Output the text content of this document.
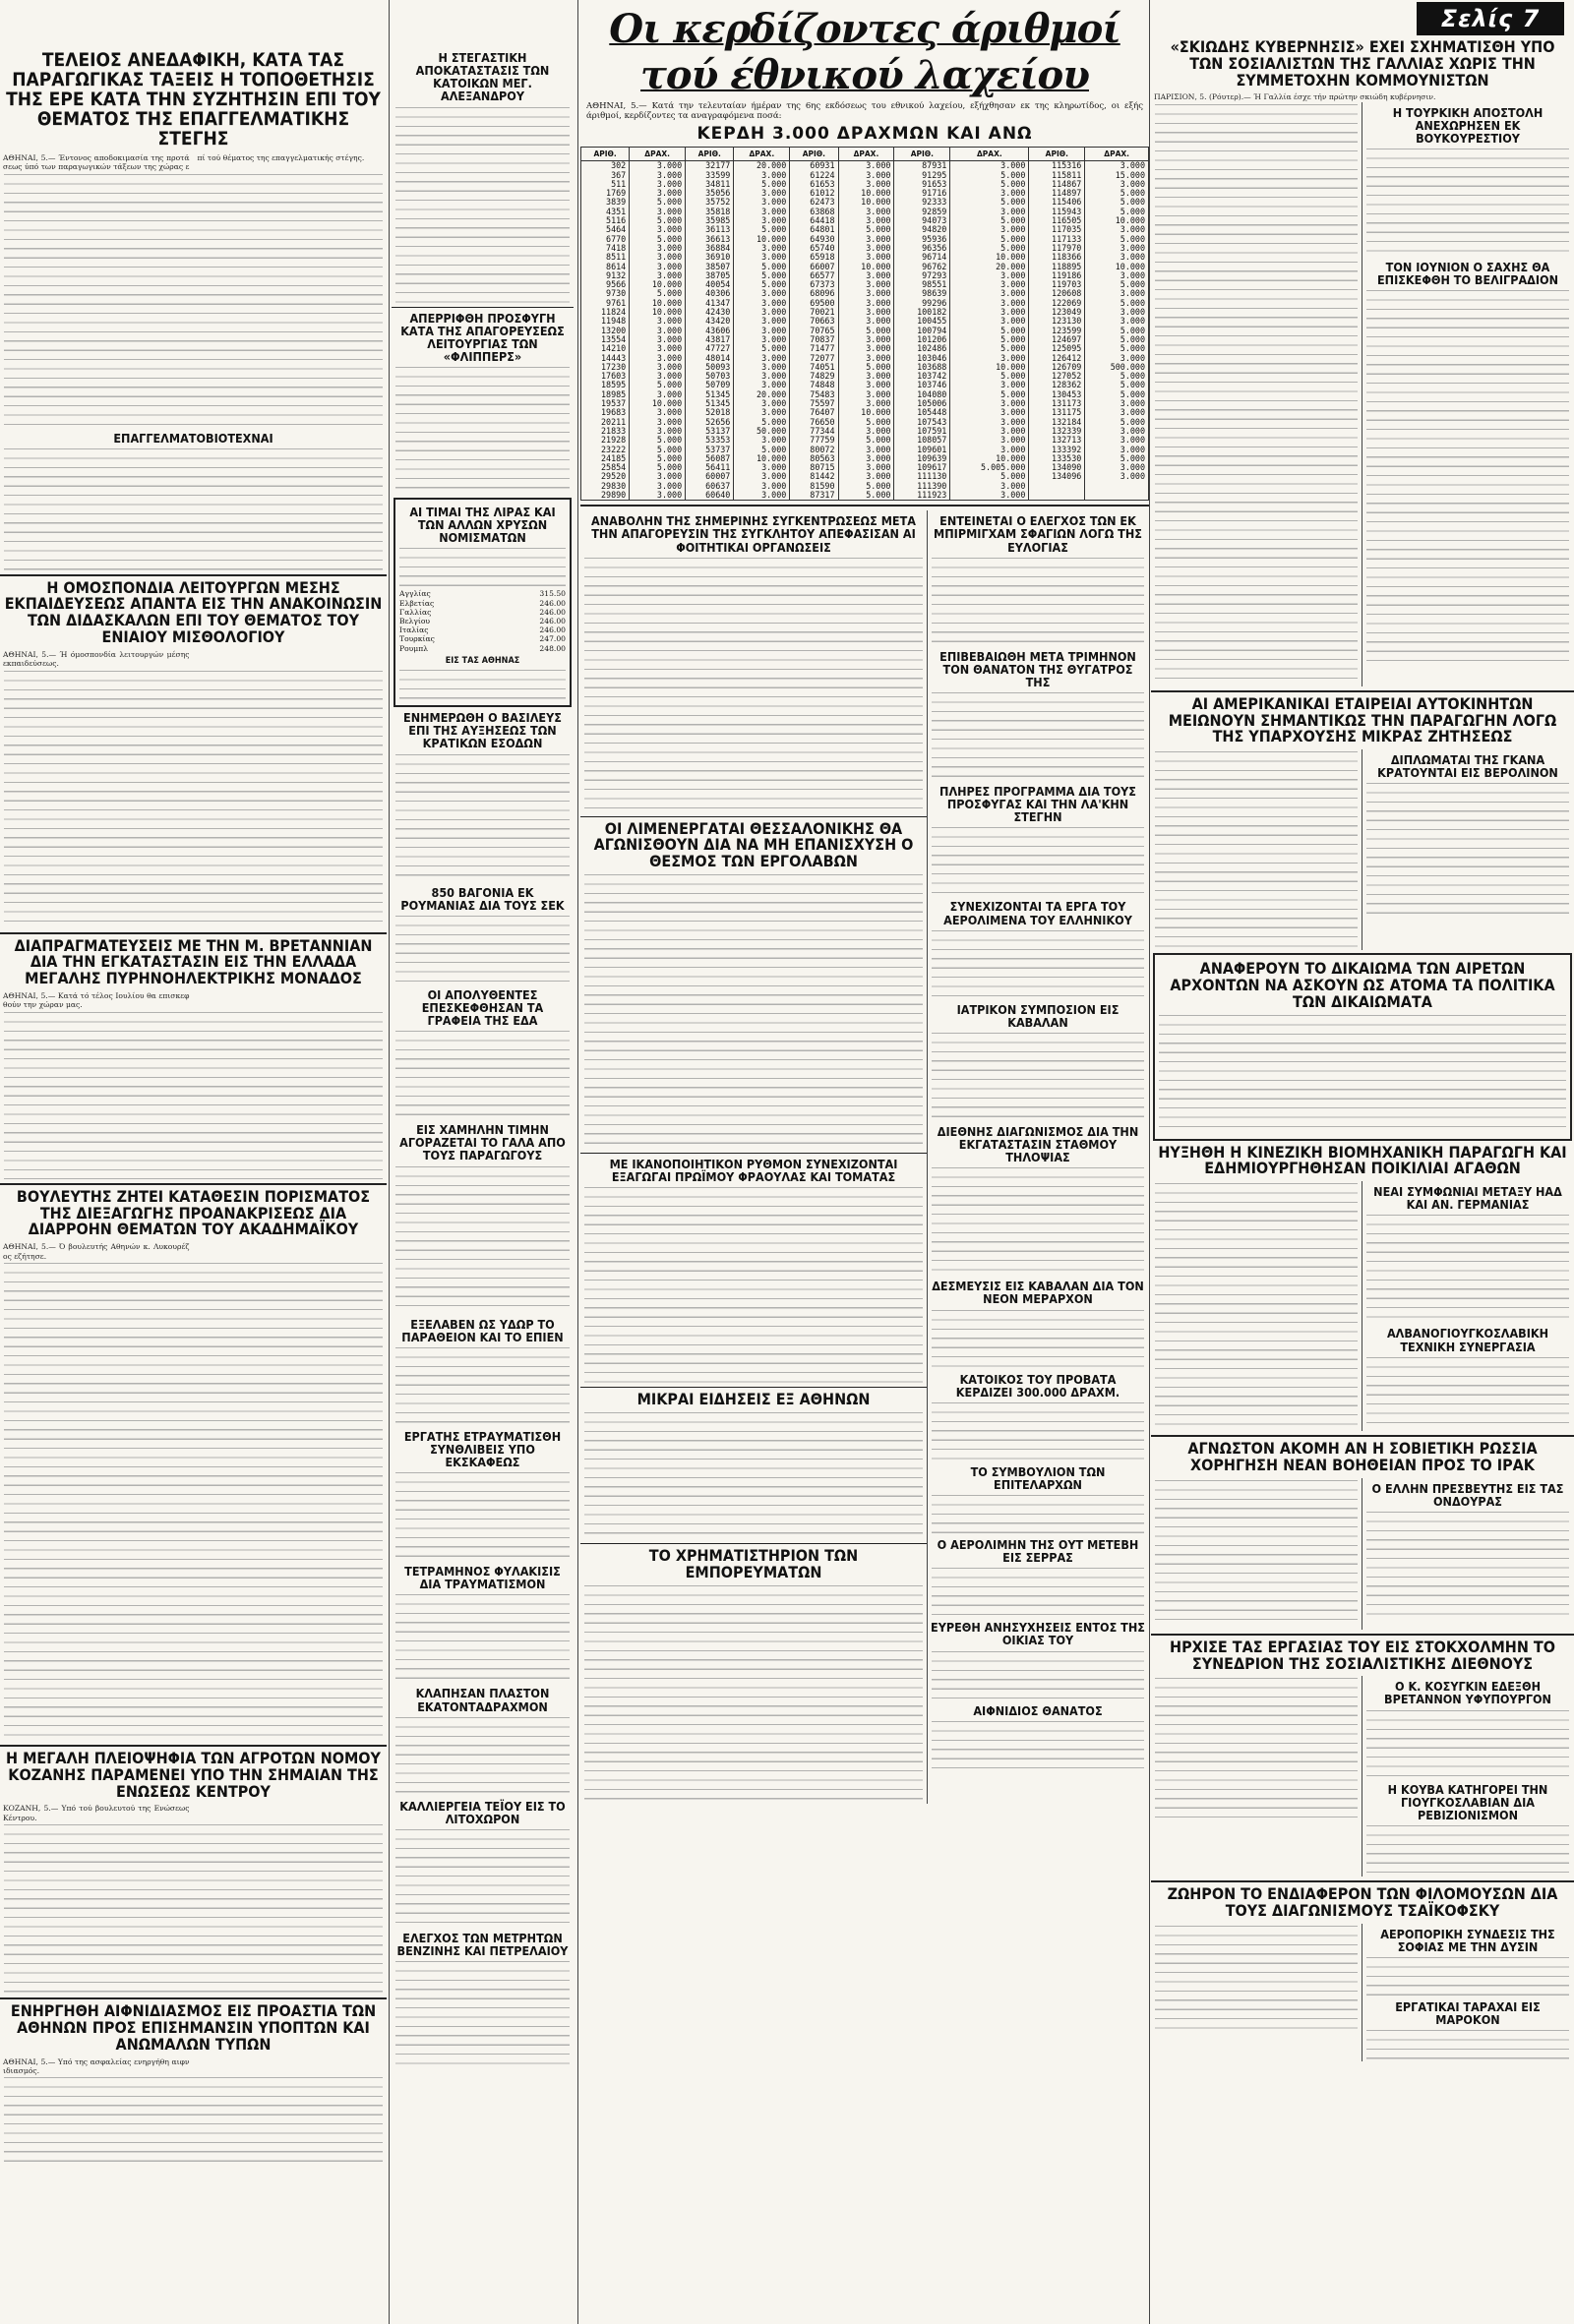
ΤΕΛΕΙΟΣ ΑΝΕΔΑΦΙΚΗ, ΚΑΤΑ ΤΑΣ ΠΑΡΑΓΩΓΙΚΑΣ ΤΑΞΕΙΣ Η ΤΟΠΟΘΕΤΗΣΙΣ ΤΗΣ ΕΡΕ ΚΑΤΑ ΤΗΝ ΣΥΖΗΤΗΣΙΝ ΕΠΙ ΤΟΥ ΘΕΜΑΤΟΣ ΤΗΣ ΕΠΑΓΓΕΛΜΑΤΙΚΗΣ ΣΤΕΓΗΣ
ΑΘΗΝΑΙ, 5.— Έντονος αποδοκιμασία της προτάσεως ύπό των παραγωγικών τάξεων της χώρας επί τού θέματος της επαγγελματικής στέγης.
ΕΠΑΓΓΕΛΜΑΤΟΒΙΟΤΕΧΝΑΙ
Η ΟΜΟΣΠΟΝΔΙΑ ΛΕΙΤΟΥΡΓΩΝ ΜΕΣΗΣ ΕΚΠΑΙΔΕΥΣΕΩΣ ΑΠΑΝΤΑ ΕΙΣ ΤΗΝ ΑΝΑΚΟΙΝΩΣΙΝ ΤΩΝ ΔΙΔΑΣΚΑΛΩΝ ΕΠΙ ΤΟΥ ΘΕΜΑΤΟΣ ΤΟΥ ΕΝΙΑΙΟΥ ΜΙΣΘΟΛΟΓΙΟΥ
ΑΘΗΝΑΙ, 5.— Ή όμοσπονδία λειτουργών μέσης εκπαιδεύσεως.
ΔΙΑΠΡΑΓΜΑΤΕΥΣΕΙΣ ΜΕ ΤΗΝ Μ. ΒΡΕΤΑΝΝΙΑΝ ΔΙΑ ΤΗΝ ΕΓΚΑΤΑΣΤΑΣΙΝ ΕΙΣ ΤΗΝ ΕΛΛΑΔΑ ΜΕΓΑΛΗΣ ΠΥΡΗΝΟΗΛΕΚΤΡΙΚΗΣ ΜΟΝΑΔΟΣ
ΑΘΗΝΑΙ, 5.— Κατά τό τέλος Ιουλίου θα επισκεφθούν την χώραν μας.
ΒΟΥΛΕΥΤΗΣ ΖΗΤΕΙ ΚΑΤΑΘΕΣΙΝ ΠΟΡΙΣΜΑΤΟΣ ΤΗΣ ΔΙΕΞΑΓΩΓΗΣ ΠΡΟΑΝΑΚΡΙΣΕΩΣ ΔΙΑ ΔΙΑΡΡΟΗΝ ΘΕΜΑΤΩΝ ΤΟΥ ΑΚΑΔΗΜΑΪΚΟΥ
ΑΘΗΝΑΙ, 5.— Ό βουλευτής Αθηνών κ. Λυκουρέζος εζήτησε.
Η ΜΕΓΑΛΗ ΠΛΕΙΟΨΗΦΙΑ ΤΩΝ ΑΓΡΟΤΩΝ ΝΟΜΟΥ ΚΟΖΑΝΗΣ ΠΑΡΑΜΕΝΕΙ ΥΠΟ ΤΗΝ ΣΗΜΑΙΑΝ ΤΗΣ ΕΝΩΣΕΩΣ ΚΕΝΤΡΟΥ
ΚΟΖΑΝΗ, 5.— Υπό τού βουλευτού της Ενώσεως Κέντρου.
ΕΝΗΡΓΗΘΗ ΑΙΦΝΙΔΙΑΣΜΟΣ ΕΙΣ ΠΡΟΑΣΤΙΑ ΤΩΝ ΑΘΗΝΩΝ ΠΡΟΣ ΕΠΙΣΗΜΑΝΣΙΝ ΥΠΟΠΤΩΝ ΚΑΙ ΑΝΩΜΑΛΩΝ ΤΥΠΩΝ
ΑΘΗΝΑΙ, 5.— Υπό της ασφαλείας ενηργήθη αιφνιδιασμός.
Η ΣΤΕΓΑΣΤΙΚΗ ΑΠΟΚΑΤΑΣΤΑΣΙΣ ΤΩΝ ΚΑΤΟΙΚΩΝ ΜΕΓ. ΑΛΕΞΑΝΔΡΟΥ
ΑΠΕΡΡΙΦΘΗ ΠΡΟΣΦΥΓΗ ΚΑΤΑ ΤΗΣ ΑΠΑΓΟΡΕΥΣΕΩΣ ΛΕΙΤΟΥΡΓΙΑΣ ΤΩΝ «ΦΛΙΠΠΕΡΣ»
ΑΙ ΤΙΜΑΙ ΤΗΣ ΛΙΡΑΣ ΚΑΙ ΤΩΝ ΑΛΛΩΝ ΧΡΥΣΩΝ ΝΟΜΙΣΜΑΤΩΝ
Αγγλίας	315.50
Ελβετίας	246.00
Γαλλίας	246.00
Βελγίου	246.00
Ιταλίας	246.00
Τουρκίας	247.00
Ρουμπλ	248.00
ΕΙΣ ΤΑΣ ΑΘΗΝΑΣ
ΕΝΗΜΕΡΩΘΗ Ο ΒΑΣΙΛΕΥΣ ΕΠΙ ΤΗΣ ΑΥΞΗΣΕΩΣ ΤΩΝ ΚΡΑΤΙΚΩΝ ΕΣΟΔΩΝ
850 ΒΑΓΟΝΙΑ ΕΚ ΡΟΥΜΑΝΙΑΣ ΔΙΑ ΤΟΥΣ ΣΕΚ
ΟΙ ΑΠΟΛΥΘΕΝΤΕΣ ΕΠΕΣΚΕΦΘΗΣΑΝ ΤΑ ΓΡΑΦΕΙΑ ΤΗΣ ΕΔΑ
ΕΙΣ ΧΑΜΗΛΗΝ ΤΙΜΗΝ ΑΓΟΡΑΖΕΤΑΙ ΤΟ ΓΑΛΑ ΑΠΟ ΤΟΥΣ ΠΑΡΑΓΩΓΟΥΣ
ΕΞΕΛΑΒΕΝ ΩΣ ΥΔΩΡ ΤΟ ΠΑΡΑΘΕΙΟΝ ΚΑΙ ΤΟ ΕΠΙΕΝ
ΕΡΓΑΤΗΣ ΕΤΡΑΥΜΑΤΙΣΘΗ ΣΥΝΘΛΙΒΕΙΣ ΥΠΟ ΕΚΣΚΑΦΕΩΣ
ΤΕΤΡΑΜΗΝΟΣ ΦΥΛΑΚΙΣΙΣ ΔΙΑ ΤΡΑΥΜΑΤΙΣΜΟΝ
ΚΛΑΠΗΣΑΝ ΠΛΑΣΤΟΝ ΕΚΑΤΟΝΤΑΔΡΑΧΜΟΝ
ΚΑΛΛΙΕΡΓΕΙΑ ΤΕΪΟΥ ΕΙΣ ΤΟ ΛΙΤΟΧΩΡΟΝ
ΕΛΕΓΧΟΣ ΤΩΝ ΜΕΤΡΗΤΩΝ ΒΕΝΖΙΝΗΣ ΚΑΙ ΠΕΤΡΕΛΑΙΟΥ
Οι κερδίζοντες άριθμοί τού έθνικού λαχείου
ΑΘΗΝΑΙ, 5.— Κατά την τελευταίαν ήμέραν της 6ης εκδόσεως του εθνικού λαχείου, εξήχθησαν εκ της κληρωτίδος, οι εξής άριθμοί, κερδίζοντες τα αναγραφόμενα ποσά:
ΚΕΡΔΗ 3.000 ΔΡΑΧΜΩΝ ΚΑΙ ΑΝΩ
ΑΡΙΘ.	ΔΡΑΧ.	ΑΡΙΘ.	ΔΡΑΧ.	ΑΡΙΘ.	ΔΡΑΧ.	ΑΡΙΘ.	ΔΡΑΧ.	ΑΡΙΘ.	ΔΡΑΧ.
302	3.000	32177	20.000	60931	3.000	87931	3.000	115316	3.000
367	3.000	33599	3.000	61224	3.000	91295	5.000	115811	15.000
511	3.000	34811	5.000	61653	3.000	91653	5.000	114867	3.000
1769	3.000	35056	3.000	61012	10.000	91716	3.000	114897	5.000
3839	5.000	35752	3.000	62473	10.000	92333	5.000	115406	5.000
4351	3.000	35818	3.000	63868	3.000	92859	3.000	115943	5.000
5116	5.000	35985	3.000	64418	3.000	94073	5.000	116505	10.000
5464	3.000	36113	5.000	64801	5.000	94820	3.000	117035	3.000
6770	5.000	36613	10.000	64930	3.000	95936	5.000	117133	5.000
7418	3.000	36884	3.000	65740	3.000	96356	5.000	117970	3.000
8511	3.000	36910	3.000	65918	3.000	96714	10.000	118366	3.000
8614	3.000	38507	5.000	66007	10.000	96762	20.000	118895	10.000
9132	3.000	38705	5.000	66577	3.000	97293	3.000	119186	3.000
9566	10.000	40054	5.000	67373	3.000	98551	3.000	119703	5.000
9730	5.000	40306	3.000	68096	3.000	98639	3.000	120608	3.000
9761	10.000	41347	3.000	69500	3.000	99296	3.000	122069	5.000
11824	10.000	42430	3.000	70021	3.000	100182	3.000	123049	3.000
11948	3.000	43420	3.000	70663	3.000	100455	3.000	123130	3.000
13200	3.000	43606	3.000	70765	5.000	100794	5.000	123599	5.000
13554	3.000	43817	3.000	70837	3.000	101206	5.000	124697	5.000
14210	3.000	47727	5.000	71477	3.000	102486	5.000	125095	5.000
14443	3.000	48014	3.000	72077	3.000	103046	3.000	126412	3.000
17230	3.000	50093	3.000	74051	5.000	103688	10.000	126709	500.000
17603	3.000	50703	3.000	74829	3.000	103742	5.000	127052	5.000
18595	5.000	50709	3.000	74848	3.000	103746	3.000	128362	5.000
18985	3.000	51345	20.000	75483	3.000	104080	5.000	130453	5.000
19537	10.000	51345	3.000	75597	3.000	105006	3.000	131173	3.000
19683	3.000	52018	3.000	76407	10.000	105448	3.000	131175	3.000
20211	3.000	52656	5.000	76650	5.000	107543	3.000	132184	5.000
21833	3.000	53137	50.000	77344	3.000	107591	3.000	132339	3.000
21928	5.000	53353	3.000	77759	5.000	108057	3.000	132713	3.000
23222	5.000	53737	5.000	80072	3.000	109601	3.000	133392	3.000
24185	5.000	56087	10.000	80563	3.000	109639	10.000	133530	5.000
25854	5.000	56411	3.000	80715	3.000	109617	5.005.000	134090	3.000
29520	3.000	60007	3.000	81442	3.000	111130	5.000	134096	3.000
29830	3.000	60637	3.000	81590	5.000	111390	3.000		
29890	3.000	60640	3.000	87317	5.000	111923	3.000		
ΑΝΑΒΟΛΗΝ ΤΗΣ ΣΗΜΕΡΙΝΗΣ ΣΥΓΚΕΝΤΡΩΣΕΩΣ ΜΕΤΑ ΤΗΝ ΑΠΑΓΟΡΕΥΣΙΝ ΤΗΣ ΣΥΓΚΛΗΤΟΥ ΑΠΕΦΑΣΙΣΑΝ ΑΙ ΦΟΙΤΗΤΙΚΑΙ ΟΡΓΑΝΩΣΕΙΣ
ΟΙ ΛΙΜΕΝΕΡΓΑΤΑΙ ΘΕΣΣΑΛΟΝΙΚΗΣ ΘΑ ΑΓΩΝΙΣΘΟΥΝ ΔΙΑ ΝΑ ΜΗ ΕΠΑΝΙΣΧΥΣΗ Ο ΘΕΣΜΟΣ ΤΩΝ ΕΡΓΟΛΑΒΩΝ
ΜΕ ΙΚΑΝΟΠΟΙΗΤΙΚΟΝ ΡΥΘΜΟΝ ΣΥΝΕΧΙΖΟΝΤΑΙ ΕΞΑΓΩΓΑΙ ΠΡΩΪΜΟΥ ΦΡΑΟΥΛΑΣ ΚΑΙ ΤΟΜΑΤΑΣ
ΜΙΚΡΑΙ ΕΙΔΗΣΕΙΣ ΕΞ ΑΘΗΝΩΝ
ΤΟ ΧΡΗΜΑΤΙΣΤΗΡΙΟΝ ΤΩΝ ΕΜΠΟΡΕΥΜΑΤΩΝ
ΕΝΤΕΙΝΕΤΑΙ Ο ΕΛΕΓΧΟΣ ΤΩΝ ΕΚ ΜΠΙΡΜΙΓΧΑΜ ΣΦΑΓΙΩΝ ΛΟΓΩ ΤΗΣ ΕΥΛΟΓΙΑΣ
ΕΠΙΒΕΒΑΙΩΘΗ ΜΕΤΑ ΤΡΙΜΗΝΟΝ ΤΟΝ ΘΑΝΑΤΟΝ ΤΗΣ ΘΥΓΑΤΡΟΣ ΤΗΣ
ΠΛΗΡΕΣ ΠΡΟΓΡΑΜΜΑ ΔΙΑ ΤΟΥΣ ΠΡΟΣΦΥΓΑΣ ΚΑΙ ΤΗΝ ΛΑ'ΚΗΝ ΣΤΕΓΗΝ
ΣΥΝΕΧΙΖΟΝΤΑΙ ΤΑ ΕΡΓΑ ΤΟΥ ΑΕΡΟΛΙΜΕΝΑ ΤΟΥ ΕΛΛΗΝΙΚΟΥ
ΙΑΤΡΙΚΟΝ ΣΥΜΠΟΣΙΟΝ ΕΙΣ ΚΑΒΑΛΑΝ
ΔΙΕΘΝΗΣ ΔΙΑΓΩΝΙΣΜΟΣ ΔΙΑ ΤΗΝ ΕΚΓΑΤΑΣΤΑΣΙΝ ΣΤΑΘΜΟΥ ΤΗΛΟΨΙΑΣ
ΔΕΣΜΕΥΣΙΣ ΕΙΣ ΚΑΒΑΛΑΝ ΔΙΑ ΤΟΝ ΝΕΟΝ ΜΕΡΑΡΧΟΝ
ΚΑΤΟΙΚΟΣ ΤΟΥ ΠΡΟΒΑΤΑ ΚΕΡΔΙΖΕΙ 300.000 ΔΡΑΧΜ.
ΤΟ ΣΥΜΒΟΥΛΙΟΝ ΤΩΝ ΕΠΙΤΕΛΑΡΧΩΝ
Ο ΑΕΡΟΛΙΜΗΝ ΤΗΣ ΟΥΤ ΜΕΤΕΒΗ ΕΙΣ ΣΕΡΡΑΣ
ΕΥΡΕΘΗ ΑΝΗΣΥΧΗΣΕΙΣ ΕΝΤΟΣ ΤΗΣ ΟΙΚΙΑΣ ΤΟΥ
ΑΙΦΝΙΔΙΟΣ ΘΑΝΑΤΟΣ
Σελίς 7
«ΣΚΙΩΔΗΣ ΚΥΒΕΡΝΗΣΙΣ» ΕΧΕΙ ΣΧΗΜΑΤΙΣΘΗ ΥΠΟ ΤΩΝ ΣΟΣΙΑΛΙΣΤΩΝ ΤΗΣ ΓΑΛΛΙΑΣ ΧΩΡΙΣ ΤΗΝ ΣΥΜΜΕΤΟΧΗΝ ΚΟΜΜΟΥΝΙΣΤΩΝ
ΠΑΡΙΣΙΟΝ, 5. (Ρόυτερ).— Ή Γαλλία έσχε τήν πρώτην σκιώδη κυβέρνησιν.
Η ΤΟΥΡΚΙΚΗ ΑΠΟΣΤΟΛΗ ΑΝΕΧΩΡΗΣΕΝ ΕΚ ΒΟΥΚΟΥΡΕΣΤΙΟΥ
ΤΟΝ ΙΟΥΝΙΟΝ Ο ΣΑΧΗΣ ΘΑ ΕΠΙΣΚΕΦΘΗ ΤΟ ΒΕΛΙΓΡΑΔΙΟΝ
ΑΙ ΑΜΕΡΙΚΑΝΙΚΑΙ ΕΤΑΙΡΕΙΑΙ ΑΥΤΟΚΙΝΗΤΩΝ ΜΕΙΩΝΟΥΝ ΣΗΜΑΝΤΙΚΩΣ ΤΗΝ ΠΑΡΑΓΩΓΗΝ ΛΟΓΩ ΤΗΣ ΥΠΑΡΧΟΥΣΗΣ ΜΙΚΡΑΣ ΖΗΤΗΣΕΩΣ
ΔΙΠΛΩΜΑΤΑΙ ΤΗΣ ΓΚΑΝΑ ΚΡΑΤΟΥΝΤΑΙ ΕΙΣ ΒΕΡΟΛΙΝΟΝ
ΑΝΑΦΕΡΟΥΝ ΤΟ ΔΙΚΑΙΩΜΑ ΤΩΝ ΑΙΡΕΤΩΝ ΑΡΧΟΝΤΩΝ ΝΑ ΑΣΚΟΥΝ ΩΣ ΑΤΟΜΑ ΤΑ ΠΟΛΙΤΙΚΑ ΤΩΝ ΔΙΚΑΙΩΜΑΤΑ
ΗΥΞΗΘΗ Η ΚΙΝΕΖΙΚΗ ΒΙΟΜΗΧΑΝΙΚΗ ΠΑΡΑΓΩΓΗ ΚΑΙ ΕΔΗΜΙΟΥΡΓΗΘΗΣΑΝ ΠΟΙΚΙΛΙΑΙ ΑΓΑΘΩΝ
ΝΕΑΙ ΣΥΜΦΩΝΙΑΙ ΜΕΤΑΞΥ ΗΑΔ ΚΑΙ ΑΝ. ΓΕΡΜΑΝΙΑΣ
ΑΛΒΑΝΟΓΙΟΥΓΚΟΣΛΑΒΙΚΗ ΤΕΧΝΙΚΗ ΣΥΝΕΡΓΑΣΙΑ
ΑΓΝΩΣΤΟΝ ΑΚΟΜΗ ΑΝ Η ΣΟΒΙΕΤΙΚΗ ΡΩΣΣΙΑ ΧΟΡΗΓΗΣΗ ΝΕΑΝ ΒΟΗΘΕΙΑΝ ΠΡΟΣ ΤΟ ΙΡΑΚ
Ο ΕΛΛΗΝ ΠΡΕΣΒΕΥΤΗΣ ΕΙΣ ΤΑΣ ΟΝΔΟΥΡΑΣ
ΗΡΧΙΣΕ ΤΑΣ ΕΡΓΑΣΙΑΣ ΤΟΥ ΕΙΣ ΣΤΟΚΧΟΛΜΗΝ ΤΟ ΣΥΝΕΔΡΙΟΝ ΤΗΣ ΣΟΣΙΑΛΙΣΤΙΚΗΣ ΔΙΕΘΝΟΥΣ
Ο Κ. ΚΟΣΥΓΚΙΝ ΕΔΕΞΘΗ ΒΡΕΤΑΝΝΟΝ ΥΦΥΠΟΥΡΓΟΝ
Η ΚΟΥΒΑ ΚΑΤΗΓΟΡΕΙ ΤΗΝ ΓΙΟΥΓΚΟΣΛΑΒΙΑΝ ΔΙΑ ΡΕΒΙΖΙΟΝΙΣΜΟΝ
ΖΩΗΡΟΝ ΤΟ ΕΝΔΙΑΦΕΡΟΝ ΤΩΝ ΦΙΛΟΜΟΥΣΩΝ ΔΙΑ ΤΟΥΣ ΔΙΑΓΩΝΙΣΜΟΥΣ ΤΣΑΪΚΟΦΣΚΥ
ΑΕΡΟΠΟΡΙΚΗ ΣΥΝΔΕΣΙΣ ΤΗΣ ΣΟΦΙΑΣ ΜΕ ΤΗΝ ΔΥΣΙΝ
ΕΡΓΑΤΙΚΑΙ ΤΑΡΑΧΑΙ ΕΙΣ ΜΑΡΟΚΟΝ
